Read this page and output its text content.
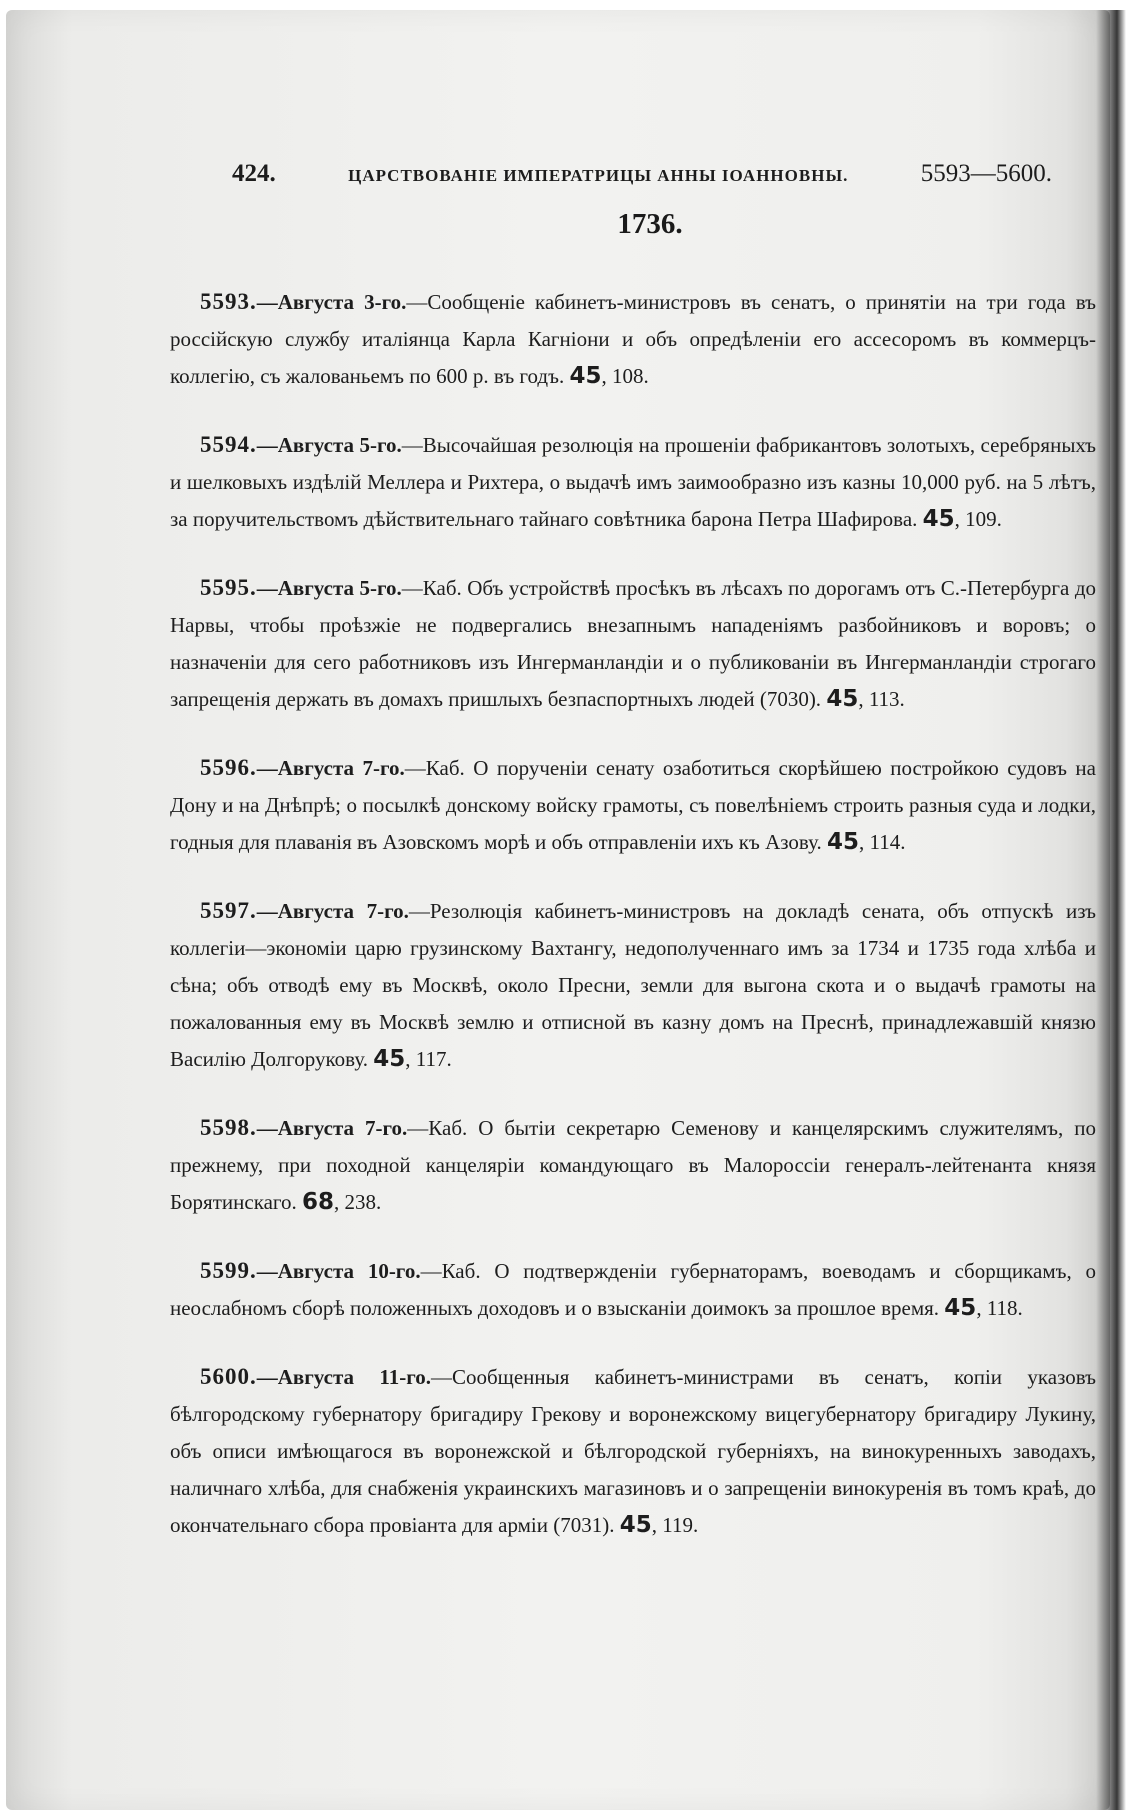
424.	ЦАРСТВОВАНІЕ ИМПЕРАТРИЦЫ АННЫ ІОАННОВНЫ.	5593—5600.
1736.

5593.—Августа 3-го.—Сообщеніе кабинетъ-министровъ въ сенатъ, о принятіи на три года въ россійскую службу италіянца Карла Кагніони и объ опредѣленіи его ассесоромъ въ коммерцъ-коллегію, съ жалованьемъ по 600 р. въ годъ. 45, 108.

5594.—Августа 5-го.—Высочайшая резолюція на прошеніи фабрикантовъ золотыхъ, серебряныхъ и шелковыхъ издѣлій Меллера и Рихтера, о выдачѣ имъ заимообразно изъ казны 10,000 руб. на 5 лѣтъ, за поручительствомъ дѣйствительнаго тайнаго совѣтника барона Петра Шафирова. 45, 109.

5595.—Августа 5-го.—Каб. Объ устройствѣ просѣкъ въ лѣсахъ по дорогамъ отъ С.-Петербурга до Нарвы, чтобы проѣзжіе не подвергались внезапнымъ нападеніямъ разбойниковъ и воровъ; о назначеніи для сего работниковъ изъ Ингерманландіи и о публикованіи въ Ингерманландіи строгаго запрещенія держать въ домахъ пришлыхъ безпаспортныхъ людей (7030). 45, 113.

5596.—Августа 7-го.—Каб. О порученіи сенату озаботиться скорѣйшею постройкою судовъ на Дону и на Днѣпрѣ; о посылкѣ донскому войску грамоты, съ повелѣніемъ строить разныя суда и лодки, годныя для плаванія въ Азовскомъ морѣ и объ отправленіи ихъ къ Азову. 45, 114.

5597.—Августа 7-го.—Резолюція кабинетъ-министровъ на докладѣ сената, объ отпускѣ изъ коллегіи—экономіи царю грузинскому Вахтангу, недополученнаго имъ за 1734 и 1735 года хлѣба и сѣна; объ отводѣ ему въ Москвѣ, около Пресни, земли для выгона скота и о выдачѣ грамоты на пожалованныя ему въ Москвѣ землю и отписной въ казну домъ на Преснѣ, принадлежавшій князю Василію Долгорукову. 45, 117.

5598.—Августа 7-го.—Каб. О бытіи секретарю Семенову и канцелярскимъ служителямъ, по прежнему, при походной канцеляріи командующаго въ Малороссіи генералъ-лейтенанта князя Борятинскаго. 68, 238.

5599.—Августа 10-го.—Каб. О подтвержденіи губернаторамъ, воеводамъ и сборщикамъ, о неослабномъ сборѣ положенныхъ доходовъ и о взысканіи доимокъ за прошлое время. 45, 118.

5600.—Августа 11-го.—Сообщенныя кабинетъ-министрами въ сенатъ, копіи указовъ бѣлгородскому губернатору бригадиру Грекову и воронежскому вицегубернатору бригадиру Лукину, объ описи имѣющагося въ воронежской и бѣлгородской губерніяхъ, на винокуренныхъ заводахъ, наличнаго хлѣба, для снабженія украинскихъ магазиновъ и о запрещеніи винокуренія въ томъ краѣ, до окончательнаго сбора провіанта для арміи (7031). 45, 119.
